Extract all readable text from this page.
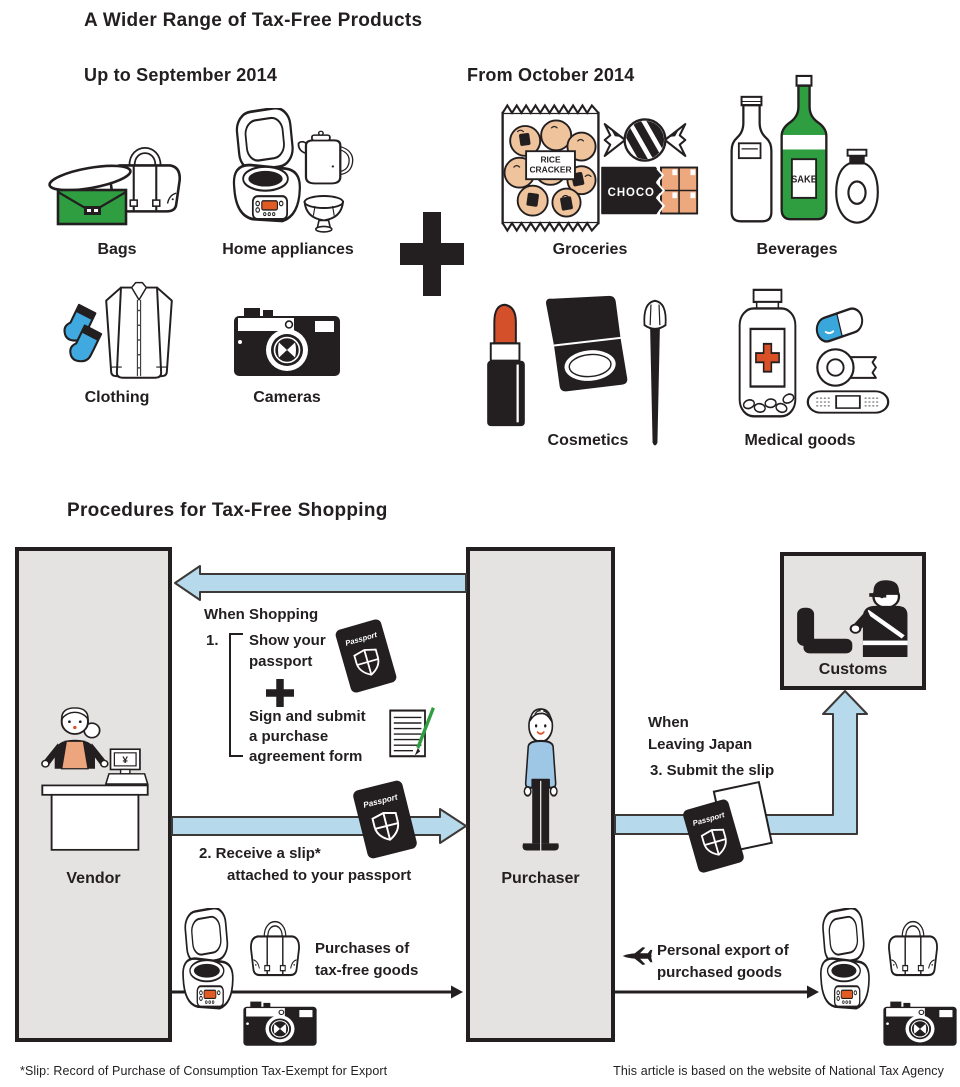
A Wider Range of Tax-Free Products
Up to September 2014	From October 2014
RICE
CRACKER
CHOCO
SAKE
Bags	Home appliances
Clothing	Cameras
Groceries	Beverages
Cosmetics	Medical goods
Procedures for Tax-Free Shopping
¥
Vendor	Purchaser
Customs
When Shopping
1. Show your
passport
Sign and submit
a purchase
agreement form
2. Receive a slip*
attached to your passport
When
Leaving Japan
3. Submit the slip
Purchases of
tax-free goods
Personal export of
purchased goods
*Slip: Record of Purchase of Consumption Tax-Exempt for Export	This article is based on the website of National Tax Agency
